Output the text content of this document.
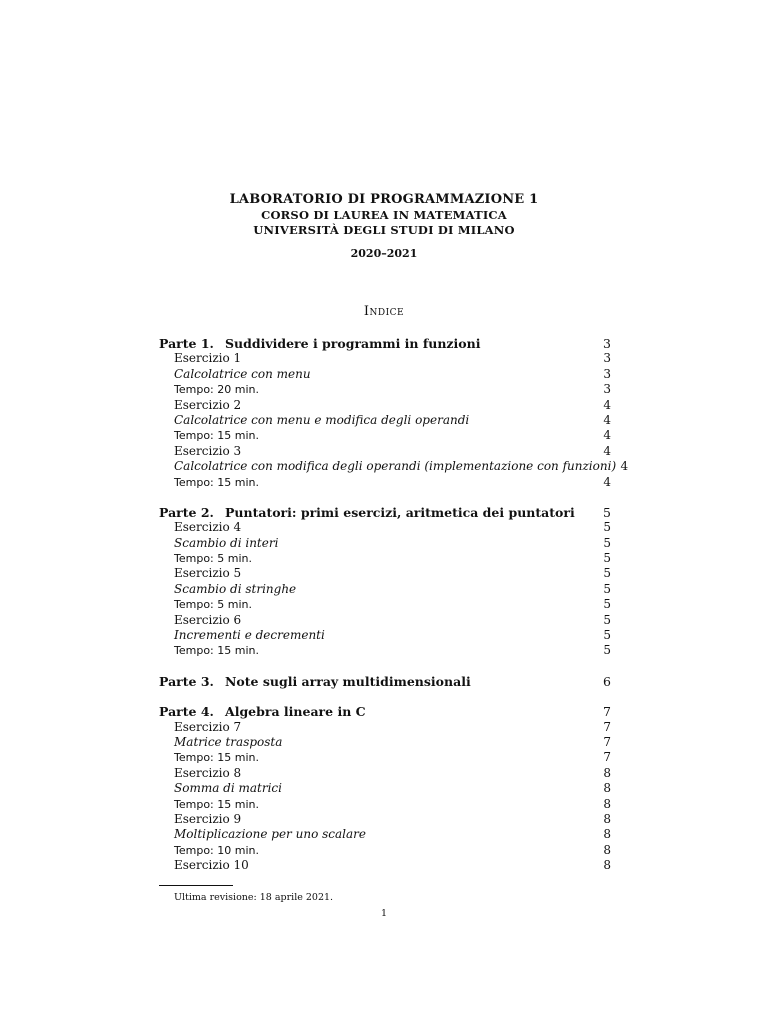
LABORATORIO DI PROGRAMMAZIONE 1
CORSO DI LAUREA IN MATEMATICA
UNIVERSITÀ DEGLI STUDI DI MILANO
2020–2021
Indice
Parte 1. Suddividere i programmi in funzioni	3
Esercizio 1	3
Calcolatrice con menu	3
Tempo: 20 min.	3
Esercizio 2	4
Calcolatrice con menu e modifica degli operandi	4
Tempo: 15 min.	4
Esercizio 3	4
Calcolatrice con modifica degli operandi (implementazione con funzioni) 4
Tempo: 15 min.	4
Parte 2. Puntatori: primi esercizi, aritmetica dei puntatori	5
Esercizio 4	5
Scambio di interi	5
Tempo: 5 min.	5
Esercizio 5	5
Scambio di stringhe	5
Tempo: 5 min.	5
Esercizio 6	5
Incrementi e decrementi	5
Tempo: 15 min.	5
Parte 3. Note sugli array multidimensionali	6
Parte 4. Algebra lineare in C	7
Esercizio 7	7
Matrice trasposta	7
Tempo: 15 min.	7
Esercizio 8	8
Somma di matrici	8
Tempo: 15 min.	8
Esercizio 9	8
Moltiplicazione per uno scalare	8
Tempo: 10 min.	8
Esercizio 10	8
Ultima revisione: 18 aprile 2021.
1
